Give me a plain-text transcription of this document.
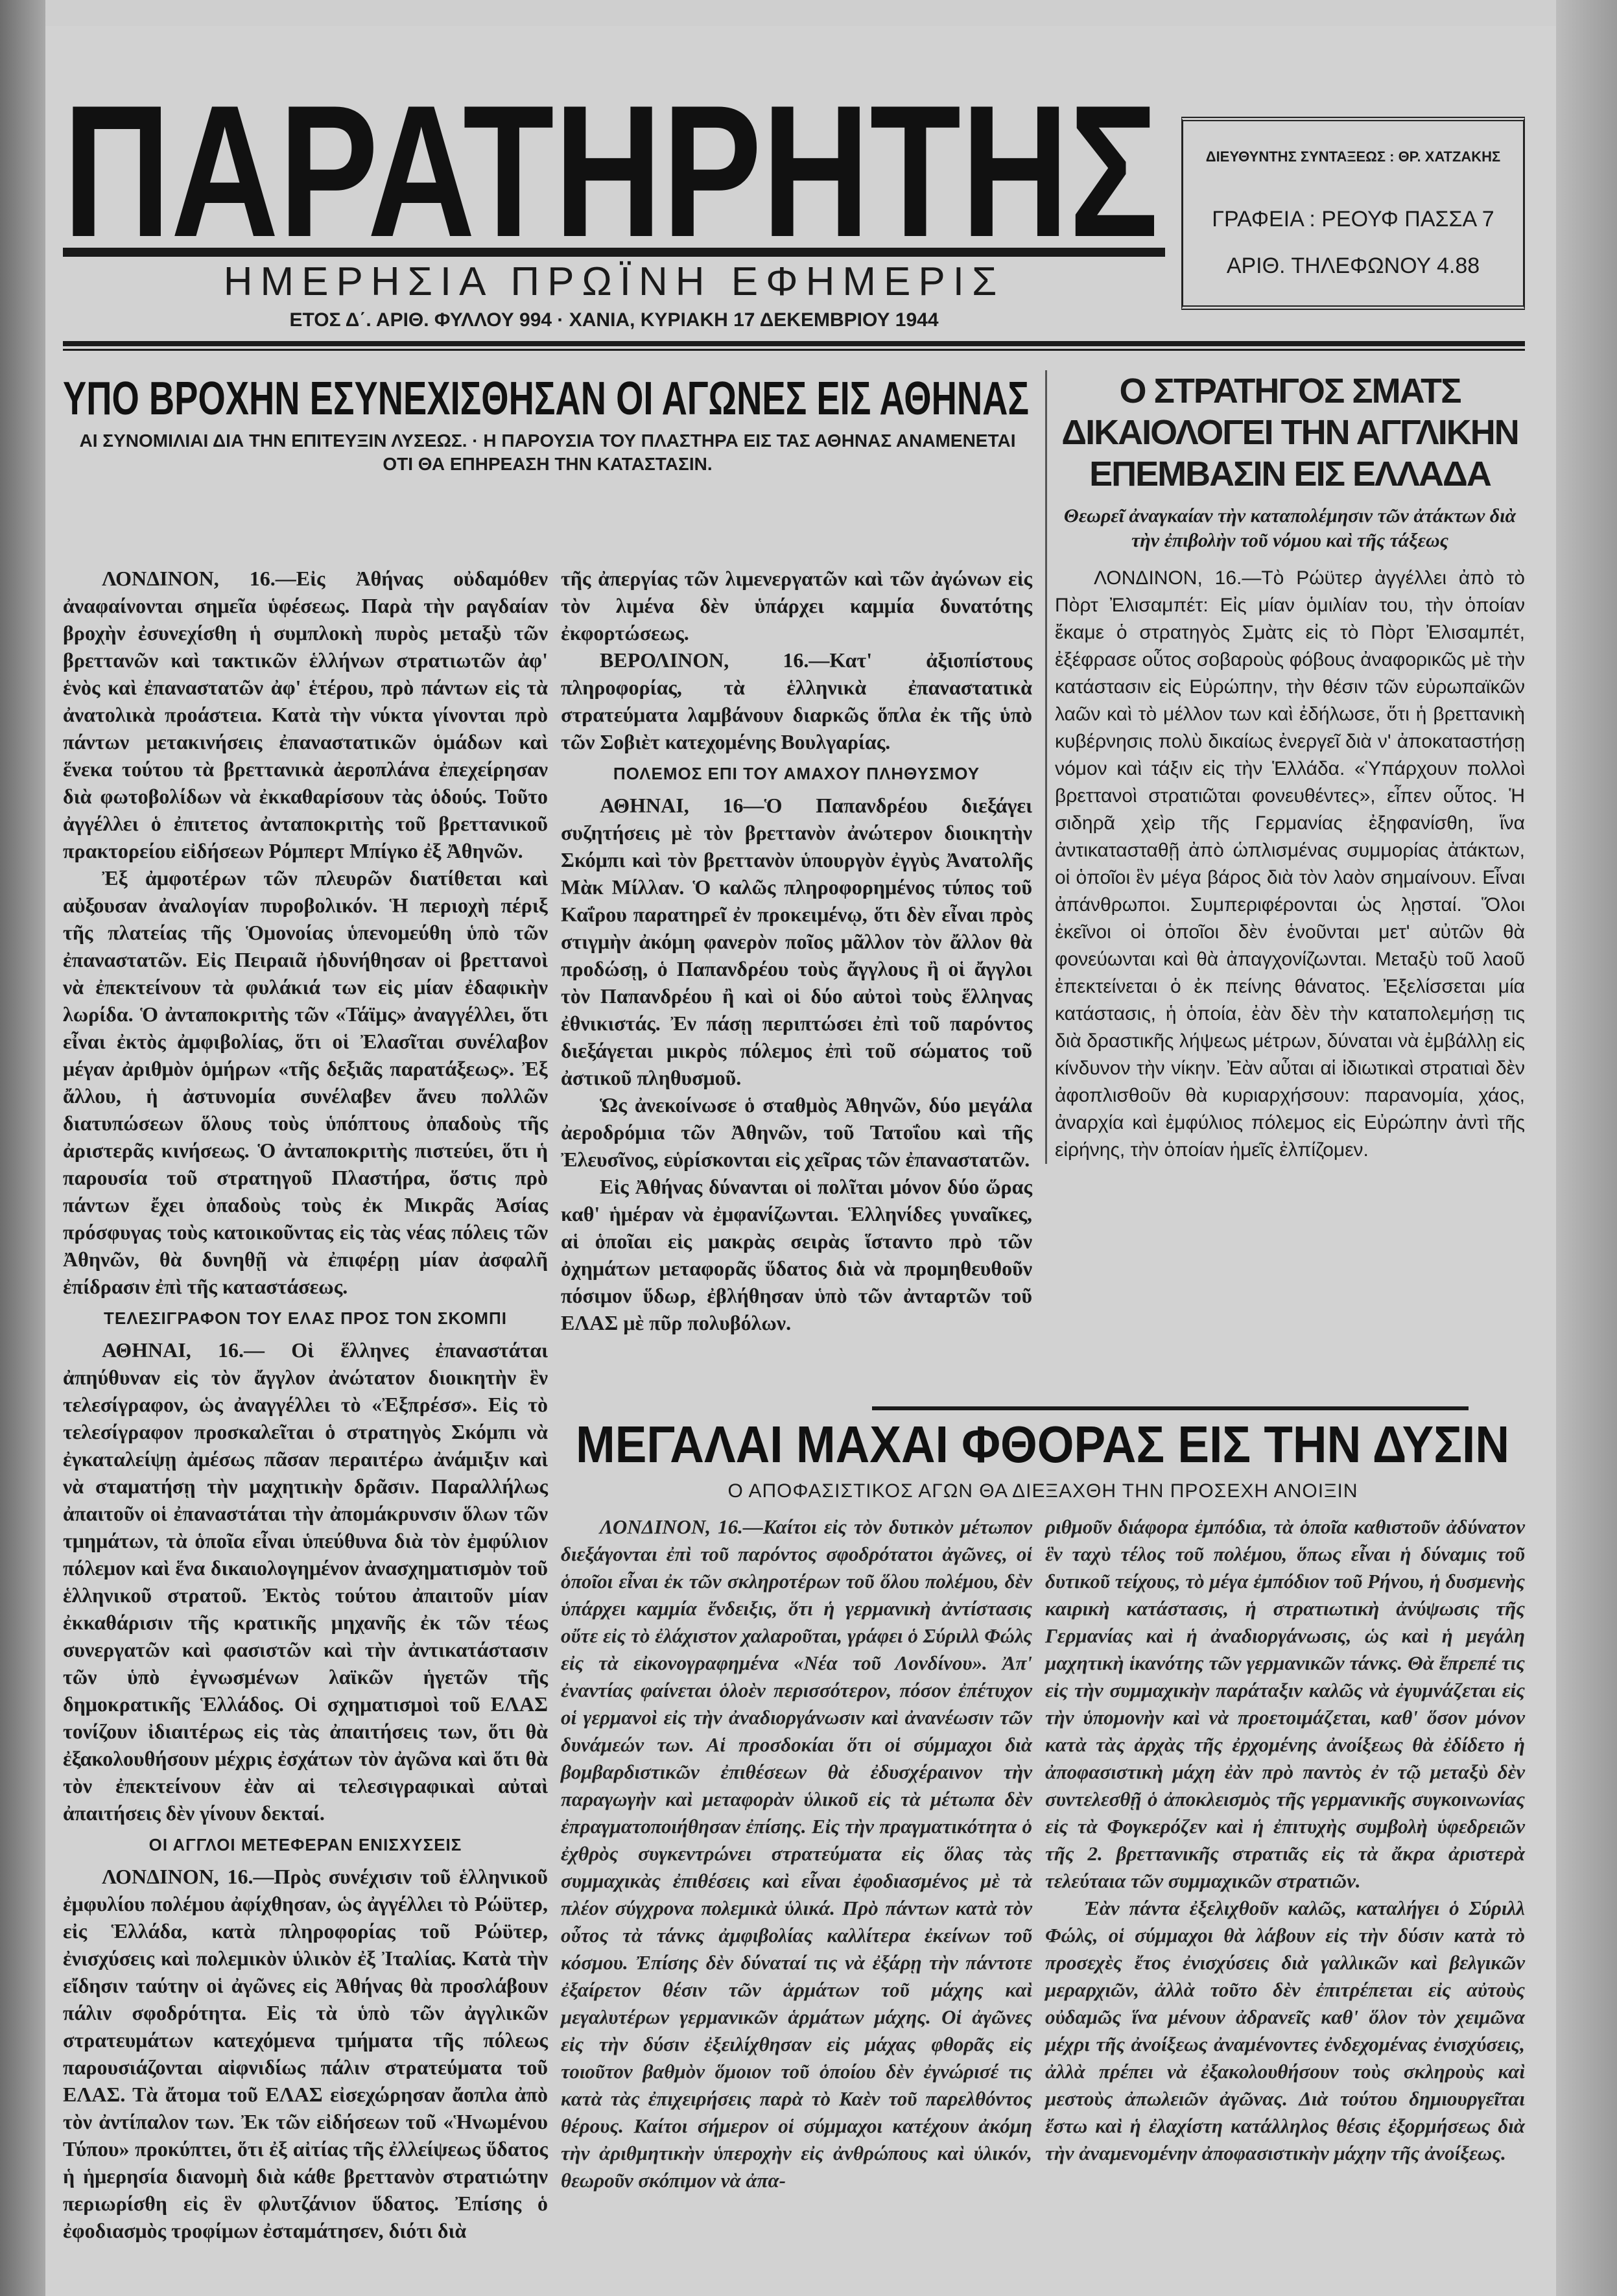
ΠΑΡΑΤΗΡΗΤΗΣ
ΗΜΕΡΗΣΙΑ ΠΡΩΪΝΗ ΕΦΗΜΕΡΙΣ
ΕΤΟΣ Δ΄. ΑΡΙΘ. ΦΥΛΛΟΥ 994 · ΧΑΝΙΑ, ΚΥΡΙΑΚΗ 17 ΔΕΚΕΜΒΡΙΟΥ 1944
ΔΙΕΥΘΥΝΤΗΣ ΣΥΝΤΑΞΕΩΣ : ΘΡ. ΧΑΤΖΑΚΗΣ
ΓΡΑΦΕΙΑ : ΡΕΟΥΦ ΠΑΣΣΑ 7
ΑΡΙΘ. ΤΗΛΕΦΩΝΟΥ 4.88
ΥΠΟ ΒΡΟΧΗΝ ΕΣΥΝΕΧΙΣΘΗΣΑΝ ΟΙ ΑΓΩΝΕΣ ΕΙΣ ΑΘΗΝΑΣ
ΑΙ ΣΥΝΟΜΙΛΙΑΙ ΔΙΑ ΤΗΝ ΕΠΙΤΕΥΞΙΝ ΛΥΣΕΩΣ. · Η ΠΑΡΟΥΣΙΑ ΤΟΥ ΠΛΑΣΤΗΡΑ ΕΙΣ ΤΑΣ ΑΘΗΝΑΣ ΑΝΑΜΕΝΕΤΑΙ ΟΤΙ ΘΑ ΕΠΗΡΕΑΣΗ ΤΗΝ ΚΑΤΑΣΤΑΣΙΝ.
Ο ΣΤΡΑΤΗΓΟΣ ΣΜΑΤΣ ΔΙΚΑΙΟΛΟΓΕΙ ΤΗΝ ΑΓΓΛΙΚΗΝ ΕΠΕΜΒΑΣΙΝ ΕΙΣ ΕΛΛΑΔΑ
Θεωρεῖ ἀναγκαίαν τὴν καταπολέμησιν τῶν ἀτάκτων διὰ τὴν ἐπιβολὴν τοῦ νόμου καὶ τῆς τάξεως

ΛΟΝΔΙΝΟΝ, 16.—Εἰς Ἀθήνας οὐδαμόθεν ἀναφαίνονται σημεῖα ὑφέσεως. Παρὰ τὴν ραγδαίαν βροχὴν ἐσυνεχίσθη ἡ συμπλοκὴ πυρὸς μεταξὺ τῶν βρεττανῶν καὶ τακτικῶν ἑλλήνων στρατιωτῶν ἀφ' ἑνὸς καὶ ἐπαναστατῶν ἀφ' ἑτέρου, πρὸ πάντων εἰς τὰ ἀνατολικὰ προάστεια. Κατὰ τὴν νύκτα γίνονται πρὸ πάντων μετακινήσεις ἐπαναστατικῶν ὁμάδων καὶ ἕνεκα τούτου τὰ βρεττανικὰ ἀεροπλάνα ἐπεχείρησαν διὰ φωτοβολίδων νὰ ἐκκαθαρίσουν τὰς ὁδούς. Τοῦτο ἀγγέλλει ὁ ἐπιτετος ἀνταποκριτὴς τοῦ βρεττανικοῦ πρακτορείου εἰδήσεων Ρόμπερτ Μπίγκο ἐξ Ἀθηνῶν.

Ἐξ ἀμφοτέρων τῶν πλευρῶν διατίθεται καὶ αὐξουσαν ἀναλογίαν πυροβολικόν. Ἡ περιοχὴ πέριξ τῆς πλατείας τῆς Ὁμονοίας ὑπενομεύθη ὑπὸ τῶν ἐπαναστατῶν. Εἰς Πειραιᾶ ἠδυνήθησαν οἱ βρεττανοὶ νὰ ἐπεκτείνουν τὰ φυλάκιά των εἰς μίαν ἐδαφικὴν λωρίδα. Ὁ ἀνταποκριτὴς τῶν «Τάϊμς» ἀναγγέλλει, ὅτι εἶναι ἐκτὸς ἀμφιβολίας, ὅτι οἱ Ἐλασῖται συνέλαβον μέγαν ἀριθμὸν ὁμήρων «τῆς δεξιᾶς παρατάξεως». Ἐξ ἄλλου, ἡ ἀστυνομία συνέλαβεν ἄνευ πολλῶν διατυπώσεων ὅλους τοὺς ὑπόπτους ὀπαδοὺς τῆς ἀριστερᾶς κινήσεως. Ὁ ἀνταποκριτὴς πιστεύει, ὅτι ἡ παρουσία τοῦ στρατηγοῦ Πλαστήρα, ὅστις πρὸ πάντων ἔχει ὀπαδοὺς τοὺς ἐκ Μικρᾶς Ἀσίας πρόσφυγας τοὺς κατοικοῦντας εἰς τὰς νέας πόλεις τῶν Ἀθηνῶν, θὰ δυνηθῇ νὰ ἐπιφέρῃ μίαν ἀσφαλῆ ἐπίδρασιν ἐπὶ τῆς καταστάσεως.

ΤΕΛΕΣΙΓΡΑΦΟΝ ΤΟΥ ΕΛΑΣ ΠΡΟΣ ΤΟΝ ΣΚΟΜΠΙ

ΑΘΗΝΑΙ, 16.— Οἱ ἕλληνες ἐπαναστάται ἀπηύθυναν εἰς τὸν ἄγγλον ἀνώτατον διοικητὴν ἓν τελεσίγραφον, ὡς ἀναγγέλλει τὸ «Ἐξπρέσσ». Εἰς τὸ τελεσίγραφον προσκαλεῖται ὁ στρατηγὸς Σκόμπι νὰ ἐγκαταλείψῃ ἀμέσως πᾶσαν περαιτέρω ἀνάμιξιν καὶ νὰ σταματήσῃ τὴν μαχητικὴν δρᾶσιν. Παραλλήλως ἀπαιτοῦν οἱ ἐπαναστάται τὴν ἀπομάκρυνσιν ὅλων τῶν τμημάτων, τὰ ὁποῖα εἶναι ὑπεύθυνα διὰ τὸν ἐμφύλιον πόλεμον καὶ ἕνα δικαιολογημένον ἀνασχηματισμὸν τοῦ ἑλληνικοῦ στρατοῦ. Ἐκτὸς τούτου ἀπαιτοῦν μίαν ἐκκαθάρισιν τῆς κρατικῆς μηχανῆς ἐκ τῶν τέως συνεργατῶν καὶ φασιστῶν καὶ τὴν ἀντικατάστασιν τῶν ὑπὸ ἐγνωσμένων λαϊκῶν ἡγετῶν τῆς δημοκρατικῆς Ἑλλάδος. Οἱ σχηματισμοὶ τοῦ ΕΛΑΣ τονίζουν ἰδιαιτέρως εἰς τὰς ἀπαιτήσεις των, ὅτι θὰ ἐξακολουθήσουν μέχρις ἐσχάτων τὸν ἀγῶνα καὶ ὅτι θὰ τὸν ἐπεκτείνουν ἐὰν αἱ τελεσιγραφικαὶ αὐταὶ ἀπαιτήσεις δὲν γίνουν δεκταί.

ΟΙ ΑΓΓΛΟΙ ΜΕΤΕΦΕΡΑΝ ΕΝΙΣΧΥΣΕΙΣ

ΛΟΝΔΙΝΟΝ, 16.—Πρὸς συνέχισιν τοῦ ἑλληνικοῦ ἐμφυλίου πολέμου ἀφίχθησαν, ὡς ἀγγέλλει τὸ Ρώϋτερ, εἰς Ἑλλάδα, κατὰ πληροφορίας τοῦ Ρώϋτερ, ἐνισχύσεις καὶ πολεμικὸν ὑλικὸν ἐξ Ἰταλίας. Κατὰ τὴν εἴδησιν ταύτην οἱ ἀγῶνες εἰς Ἀθήνας θὰ προσλάβουν πάλιν σφοδρότητα. Εἰς τὰ ὑπὸ τῶν ἀγγλικῶν στρατευμάτων κατεχόμενα τμήματα τῆς πόλεως παρουσιάζονται αἰφνιδίως πάλιν στρατεύματα τοῦ ΕΛΑΣ. Τὰ ἄτομα τοῦ ΕΛΑΣ εἰσεχώρησαν ἄοπλα ἀπὸ τὸν ἀντίπαλον των. Ἐκ τῶν εἰδήσεων τοῦ «Ἡνωμένου Τύπου» προκύπτει, ὅτι ἐξ αἰτίας τῆς ἐλλείψεως ὕδατος ἡ ἡμερησία διανομὴ διὰ κάθε βρεττανὸν στρατιώτην περιωρίσθη εἰς ἓν φλυτζάνιον ὕδατος. Ἐπίσης ὁ ἐφοδιασμὸς τροφίμων ἐσταμάτησεν, διότι διὰ

τῆς ἀπεργίας τῶν λιμενεργατῶν καὶ τῶν ἀγώνων εἰς τὸν λιμένα δὲν ὑπάρχει καμμία δυνατότης ἐκφορτώσεως.

ΒΕΡΟΛΙΝΟΝ, 16.—Κατ' ἀξιοπίστους πληροφορίας, τὰ ἑλληνικὰ ἐπαναστατικὰ στρατεύματα λαμβάνουν διαρκῶς ὅπλα ἐκ τῆς ὑπὸ τῶν Σοβιὲτ κατεχομένης Βουλγαρίας.

ΠΟΛΕΜΟΣ ΕΠΙ ΤΟΥ ΑΜΑΧΟΥ ΠΛΗΘΥΣΜΟΥ

ΑΘΗΝΑΙ, 16—Ὁ Παπανδρέου διεξάγει συζητήσεις μὲ τὸν βρεττανὸν ἀνώτερον διοικητὴν Σκόμπι καὶ τὸν βρεττανὸν ὑπουργὸν ἐγγὺς Ἀνατολῆς Μὰκ Μίλλαν. Ὁ καλῶς πληροφορημένος τύπος τοῦ Καΐρου παρατηρεῖ ἐν προκειμένῳ, ὅτι δὲν εἶναι πρὸς στιγμὴν ἀκόμη φανερὸν ποῖος μᾶλλον τὸν ἄλλον θὰ προδώσῃ, ὁ Παπανδρέου τοὺς ἄγγλους ἢ οἱ ἄγγλοι τὸν Παπανδρέου ἢ καὶ οἱ δύο αὐτοὶ τοὺς ἕλληνας ἐθνικιστάς. Ἐν πάσῃ περιπτώσει ἐπὶ τοῦ παρόντος διεξάγεται μικρὸς πόλεμος ἐπὶ τοῦ σώματος τοῦ ἀστικοῦ πληθυσμοῦ.

Ὡς ἀνεκοίνωσε ὁ σταθμὸς Ἀθηνῶν, δύο μεγάλα ἀεροδρόμια τῶν Ἀθηνῶν, τοῦ Τατοΐου καὶ τῆς Ἐλευσῖνος, εὑρίσκονται εἰς χεῖρας τῶν ἐπαναστατῶν.

Εἰς Ἀθήνας δύνανται οἱ πολῖται μόνον δύο ὥρας καθ' ἡμέραν νὰ ἐμφανίζωνται. Ἑλληνίδες γυναῖκες, αἱ ὁποῖαι εἰς μακρὰς σειρὰς ἵσταντο πρὸ τῶν ὀχημάτων μεταφορᾶς ὕδατος διὰ νὰ προμηθευθοῦν πόσιμον ὕδωρ, ἐβλήθησαν ὑπὸ τῶν ἀνταρτῶν τοῦ ΕΛΑΣ μὲ πῦρ πολυβόλων.

ΛΟΝΔΙΝΟΝ, 16.—Τὸ Ρώϋτερ ἀγγέλλει ἀπὸ τὸ Πὸρτ Ἐλισαμπέτ: Εἰς μίαν ὁμιλίαν του, τὴν ὁποίαν ἔκαμε ὁ στρατηγὸς Σμὰτς εἰς τὸ Πὸρτ Ἐλισαμπέτ, ἐξέφρασε οὗτος σοβαροὺς φόβους ἀναφορικῶς μὲ τὴν κατάστασιν εἰς Εὐρώπην, τὴν θέσιν τῶν εὐρωπαϊκῶν λαῶν καὶ τὸ μέλλον των καὶ ἐδήλωσε, ὅτι ἡ βρεττανικὴ κυβέρνησις πολὺ δικαίως ἐνεργεῖ διὰ ν' ἀποκαταστήσῃ νόμον καὶ τάξιν εἰς τὴν Ἑλλάδα. «Ὑπάρχουν πολλοὶ βρεττανοὶ στρατιῶται φονευθέντες», εἶπεν οὗτος. Ἡ σιδηρᾶ χεὶρ τῆς Γερμανίας ἐξηφανίσθη, ἵνα ἀντικατασταθῇ ἀπὸ ὡπλισμένας συμμορίας ἀτάκτων, οἱ ὁποῖοι ἓν μέγα βάρος διὰ τὸν λαὸν σημαίνουν. Εἶναι ἀπάνθρωποι. Συμπεριφέρονται ὡς λῃσταί. Ὅλοι ἐκεῖνοι οἱ ὁποῖοι δὲν ἑνοῦνται μετ' αὐτῶν θὰ φονεύωνται καὶ θὰ ἀπαγχονίζωνται. Μεταξὺ τοῦ λαοῦ ἐπεκτείνεται ὁ ἐκ πείνης θάνατος. Ἐξελίσσεται μία κατάστασις, ἡ ὁποία, ἐὰν δὲν τὴν καταπολεμήσῃ τις διὰ δραστικῆς λήψεως μέτρων, δύναται νὰ ἐμβάλλῃ εἰς κίνδυνον τὴν νίκην. Ἐὰν αὗται αἱ ἰδιωτικαὶ στρατιαὶ δὲν ἀφοπλισθοῦν θὰ κυριαρχήσουν: παρανομία, χάος, ἀναρχία καὶ ἐμφύλιος πόλεμος εἰς Εὐρώπην ἀντὶ τῆς εἰρήνης, τὴν ὁποίαν ἡμεῖς ἐλπίζομεν.

ΜΕΓΑΛΑΙ ΜΑΧΑΙ ΦΘΟΡΑΣ ΕΙΣ ΤΗΝ ΔΥΣΙΝ
Ο ΑΠΟΦΑΣΙΣΤΙΚΟΣ ΑΓΩΝ ΘΑ ΔΙΕΞΑΧΘΗ ΤΗΝ ΠΡΟΣΕΧΗ ΑΝΟΙΞΙΝ

ΛΟΝΔΙΝΟΝ, 16.—Καίτοι εἰς τὸν δυτικὸν μέτωπον διεξάγονται ἐπὶ τοῦ παρόντος σφοδρότατοι ἀγῶνες, οἱ ὁποῖοι εἶναι ἐκ τῶν σκληροτέρων τοῦ ὅλου πολέμου, δὲν ὑπάρχει καμμία ἔνδειξις, ὅτι ἡ γερμανικὴ ἀντίστασις οὔτε εἰς τὸ ἐλάχιστον χαλαροῦται, γράφει ὁ Σύριλλ Φώλς εἰς τὰ εἰκονογραφημένα «Νέα τοῦ Λονδίνου». Ἀπ' ἐναντίας φαίνεται ὁλοὲν περισσότερον, πόσον ἐπέτυχον οἱ γερμανοὶ εἰς τὴν ἀναδιοργάνωσιν καὶ ἀνανέωσιν τῶν δυνάμεών των. Αἱ προσδοκίαι ὅτι οἱ σύμμαχοι διὰ βομβαρδιστικῶν ἐπιθέσεων θὰ ἐδυσχέραινον τὴν παραγωγὴν καὶ μεταφορὰν ὑλικοῦ εἰς τὰ μέτωπα δὲν ἐπραγματοποιήθησαν ἐπίσης. Εἰς τὴν πραγματικότητα ὁ ἐχθρὸς συγκεντρώνει στρατεύματα εἰς ὅλας τὰς συμμαχικὰς ἐπιθέσεις καὶ εἶναι ἐφοδιασμένος μὲ τὰ πλέον σύγχρονα πολεμικὰ ὑλικά. Πρὸ πάντων κατὰ τὸν οὗτος τὰ τάνκς ἀμφιβολίας καλλίτερα ἐκείνων τοῦ κόσμου. Ἐπίσης δὲν δύναταί τις νὰ ἐξάρῃ τὴν πάντοτε ἐξαίρετον θέσιν τῶν ἁρμάτων τοῦ μάχης καὶ μεγαλυτέρων γερμανικῶν ἁρμάτων μάχης. Οἱ ἀγῶνες εἰς τὴν δύσιν ἐξειλίχθησαν εἰς μάχας φθορᾶς εἰς τοιοῦτον βαθμὸν ὅμοιον τοῦ ὁποίου δὲν ἐγνώρισέ τις κατὰ τὰς ἐπιχειρήσεις παρὰ τὸ Καὲν τοῦ παρελθόντος θέρους. Καίτοι σήμερον οἱ σύμμαχοι κατέχουν ἀκόμη τὴν ἀριθμητικὴν ὑπεροχὴν εἰς ἀνθρώπους καὶ ὑλικόν, θεωροῦν σκόπιμον νὰ ἀπα-

ριθμοῦν διάφορα ἐμπόδια, τὰ ὁποῖα καθιστοῦν ἀδύνατον ἓν ταχὺ τέλος τοῦ πολέμου, ὅπως εἶναι ἡ δύναμις τοῦ δυτικοῦ τείχους, τὸ μέγα ἐμπόδιον τοῦ Ρήνου, ἡ δυσμενὴς καιρικὴ κατάστασις, ἡ στρατιωτικὴ ἀνύψωσις τῆς Γερμανίας καὶ ἡ ἀναδιοργάνωσις, ὡς καὶ ἡ μεγάλη μαχητικὴ ἱκανότης τῶν γερμανικῶν τάνκς. Θὰ ἔπρεπέ τις εἰς τὴν συμμαχικὴν παράταξιν καλῶς νὰ ἐγυμνάζεται εἰς τὴν ὑπομονὴν καὶ νὰ προετοιμάζεται, καθ' ὅσον μόνον κατὰ τὰς ἀρχὰς τῆς ἐρχομένης ἀνοίξεως θὰ ἐδίδετο ἡ ἀποφασιστικὴ μάχη ἐὰν πρὸ παντὸς ἐν τῷ μεταξὺ δὲν συντελεσθῇ ὁ ἀποκλεισμὸς τῆς γερμανικῆς συγκοινωνίας εἰς τὰ Φογκερόζεν καὶ ἡ ἐπιτυχὴς συμβολὴ ὑφεδρειῶν τῆς 2. βρεττανικῆς στρατιᾶς εἰς τὰ ἄκρα ἀριστερὰ τελεύταια τῶν συμμαχικῶν στρατιῶν.

Ἐὰν πάντα ἐξελιχθοῦν καλῶς, καταλήγει ὁ Σύριλλ Φώλς, οἱ σύμμαχοι θὰ λάβουν εἰς τὴν δύσιν κατὰ τὸ προσεχὲς ἔτος ἐνισχύσεις διὰ γαλλικῶν καὶ βελγικῶν μεραρχιῶν, ἀλλὰ τοῦτο δὲν ἐπιτρέπεται εἰς αὐτοὺς οὐδαμῶς ἵνα μένουν ἀδρανεῖς καθ' ὅλον τὸν χειμῶνα μέχρι τῆς ἀνοίξεως ἀναμένοντες ἐνδεχομένας ἐνισχύσεις, ἀλλὰ πρέπει νὰ ἐξακολουθήσουν τοὺς σκληροὺς καὶ μεστοὺς ἀπωλειῶν ἀγῶνας. Διὰ τούτου δημιουργεῖται ἔστω καὶ ἡ ἐλαχίστη κατάλληλος θέσις ἐξορμήσεως διὰ τὴν ἀναμενομένην ἀποφασιστικὴν μάχην τῆς ἀνοίξεως.
